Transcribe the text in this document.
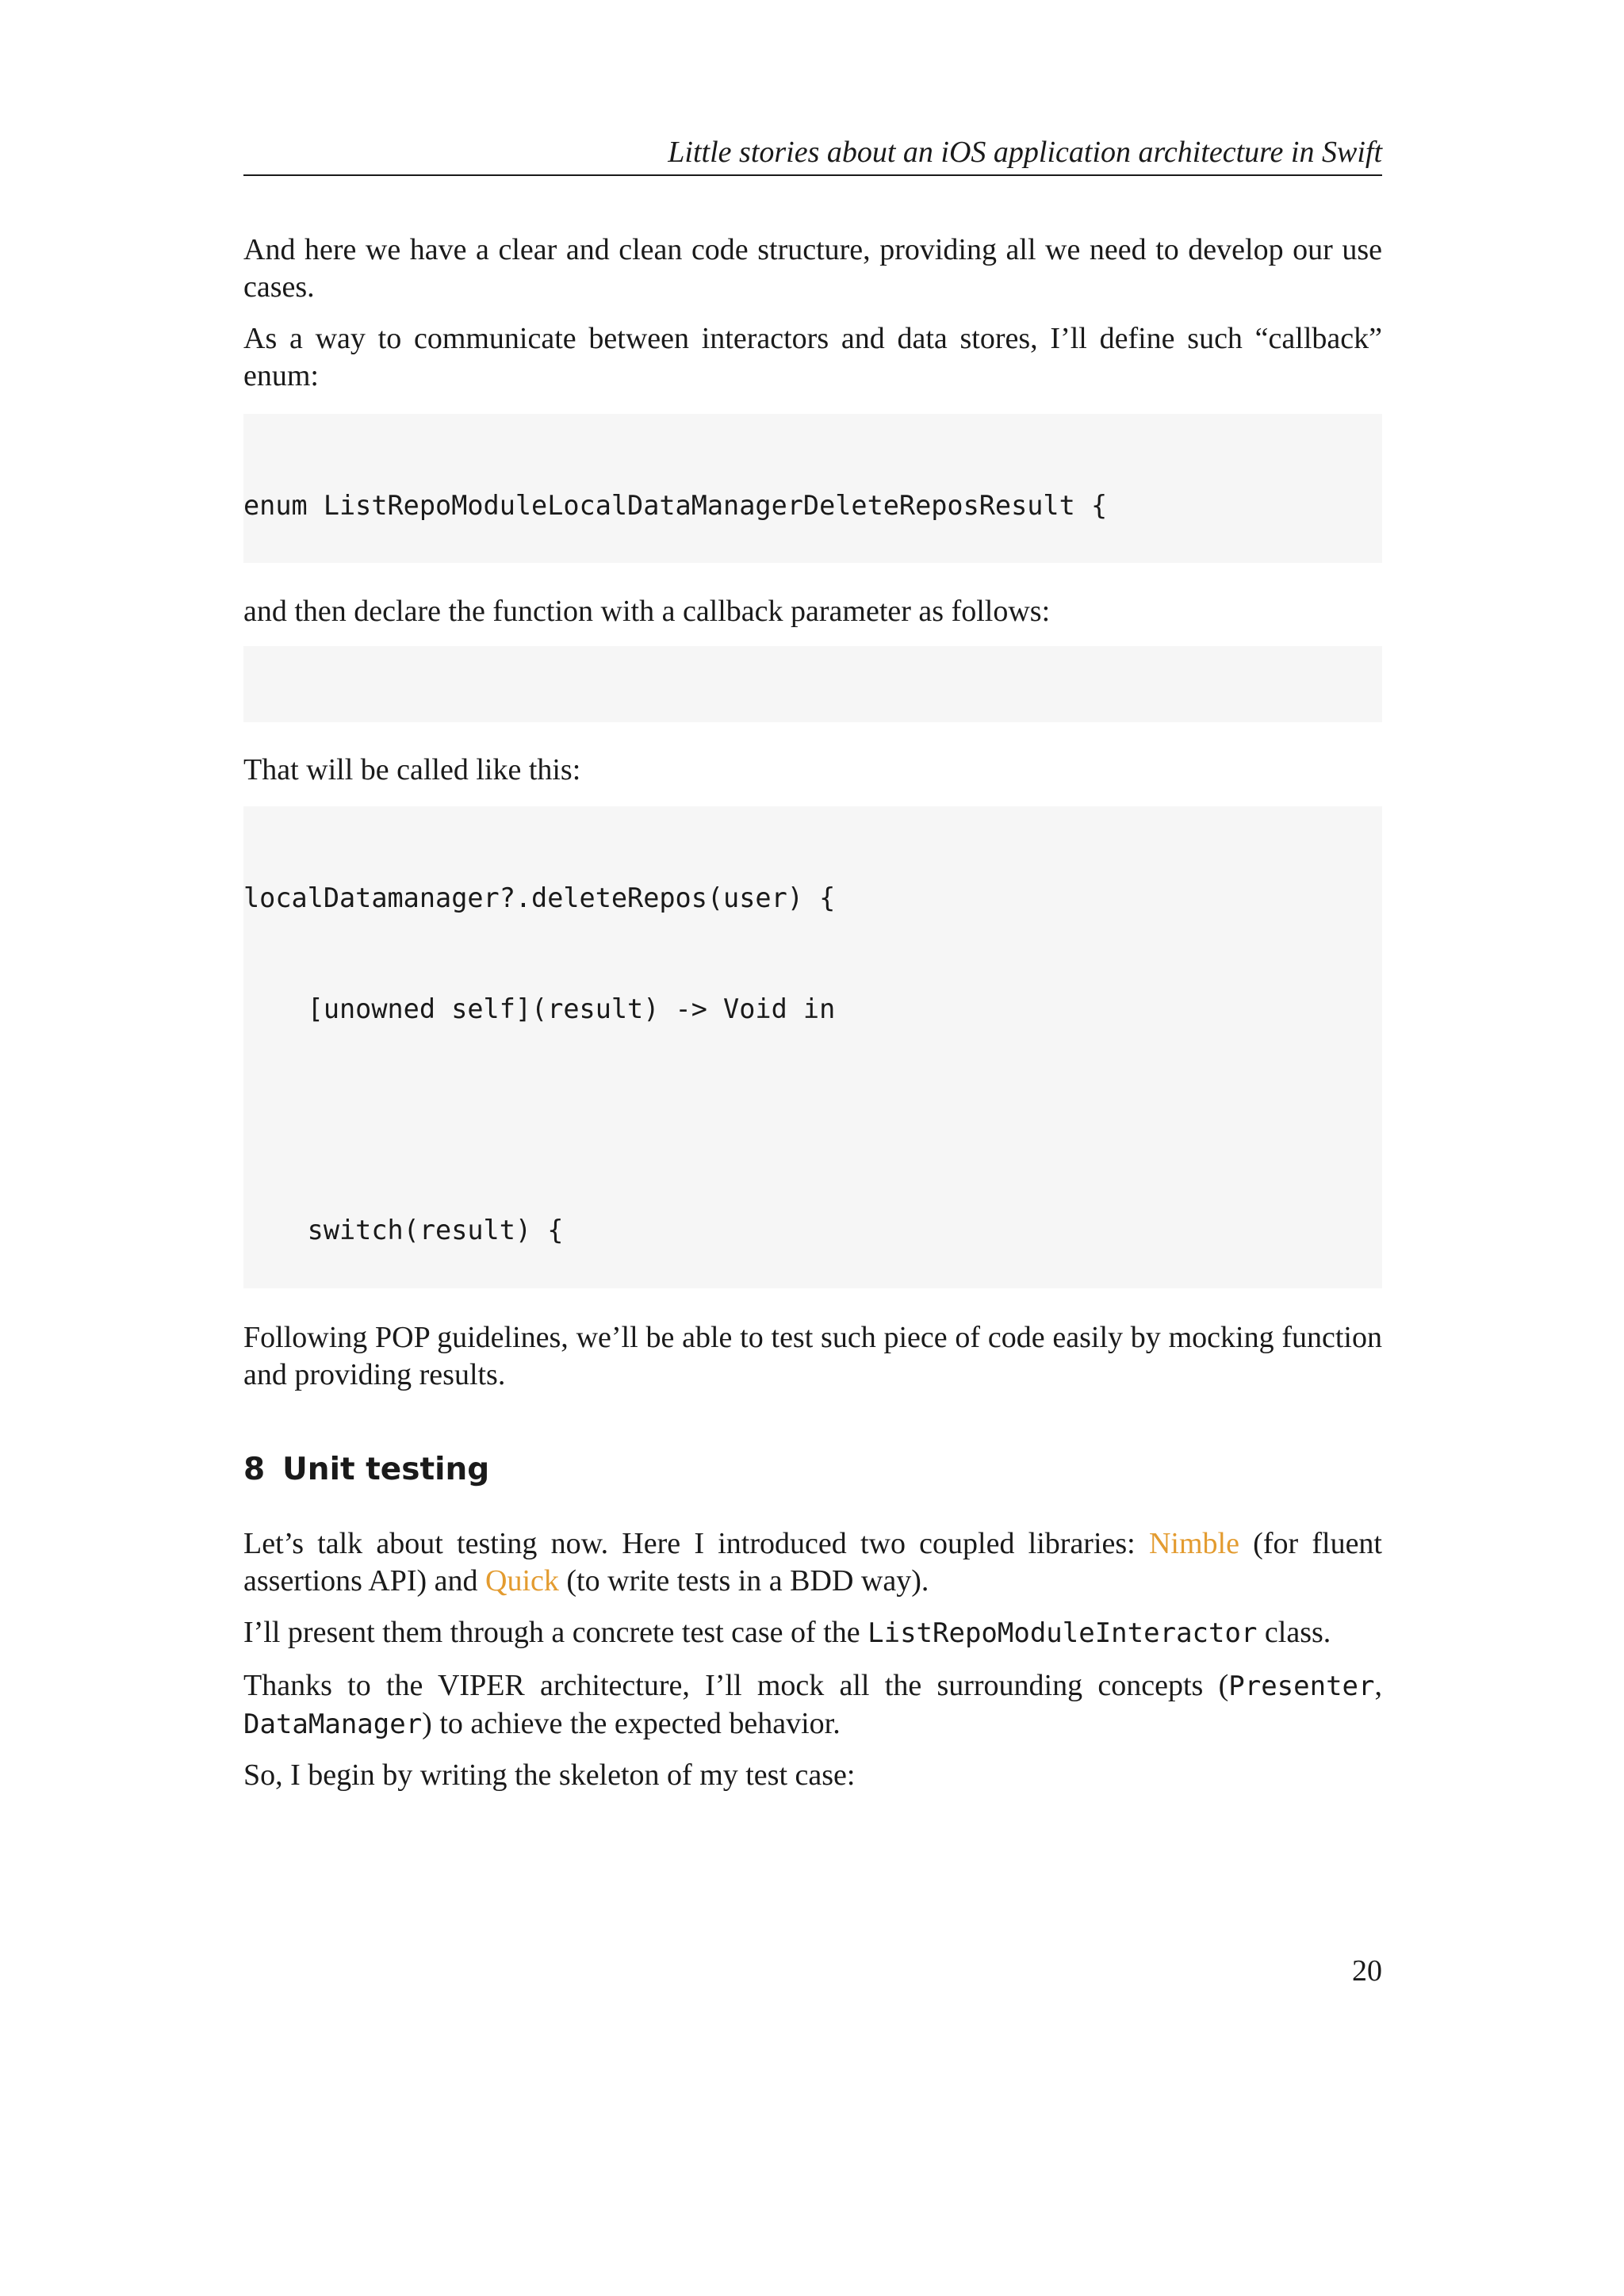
Little stories about an iOS application architecture in Swift

And here we have a clear and clean code structure, providing all we need to develop our use cases.

As a way to communicate between interactors and data stores, I’ll define such “callback” enum:

enum ListRepoModuleLocalDataManagerDeleteReposResult {

and then declare the function with a callback parameter as follows:

That will be called like this:

localDatamanager?.deleteRepos(user) {

[unowned self](result) -> Void in

switch(result) {

Following POP guidelines, we’ll be able to test such piece of code easily by mocking function and providing results.

8 Unit testing

Let’s talk about testing now. Here I introduced two coupled libraries: Nimble (for fluent assertions API) and Quick (to write tests in a BDD way).

I’ll present them through a concrete test case of the ListRepoModuleInteractor class.

Thanks to the VIPER architecture, I’ll mock all the surrounding concepts (Presenter, DataManager) to achieve the expected behavior.

So, I begin by writing the skeleton of my test case:

20
